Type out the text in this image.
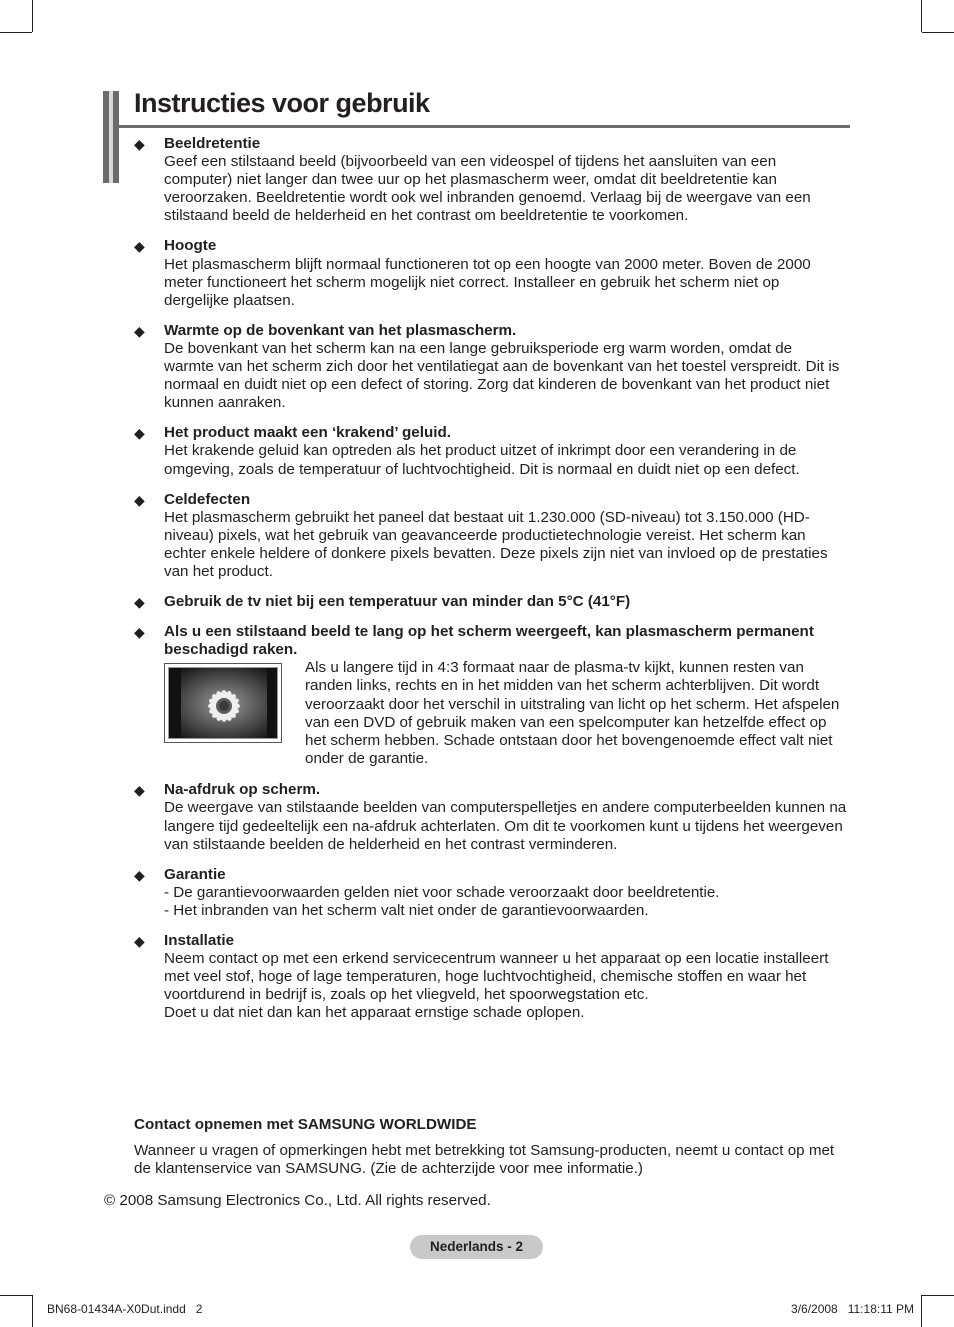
Instructies voor gebruik
◆ Beeldretentie
Geef een stilstaand beeld (bijvoorbeeld van een videospel of tijdens het aansluiten van een
computer) niet langer dan twee uur op het plasmascherm weer, omdat dit beeldretentie kan
veroorzaken. Beeldretentie wordt ook wel inbranden genoemd. Verlaag bij de weergave van een
stilstaand beeld de helderheid en het contrast om beeldretentie te voorkomen.
◆ Hoogte
Het plasmascherm blijft normaal functioneren tot op een hoogte van 2000 meter. Boven de 2000
meter functioneert het scherm mogelijk niet correct. Installeer en gebruik het scherm niet op
dergelijke plaatsen.
◆ Warmte op de bovenkant van het plasmascherm.
De bovenkant van het scherm kan na een lange gebruiksperiode erg warm worden, omdat de
warmte van het scherm zich door het ventilatiegat aan de bovenkant van het toestel verspreidt. Dit is
normaal en duidt niet op een defect of storing. Zorg dat kinderen de bovenkant van het product niet
kunnen aanraken.
◆ Het product maakt een ‘krakend’ geluid.
Het krakende geluid kan optreden als het product uitzet of inkrimpt door een verandering in de
omgeving, zoals de temperatuur of luchtvochtigheid. Dit is normaal en duidt niet op een defect.
◆ Celdefecten
Het plasmascherm gebruikt het paneel dat bestaat uit 1.230.000 (SD-niveau) tot 3.150.000 (HD-
niveau) pixels, wat het gebruik van geavanceerde productietechnologie vereist. Het scherm kan
echter enkele heldere of donkere pixels bevatten. Deze pixels zijn niet van invloed op de prestaties
van het product.
◆ Gebruik de tv niet bij een temperatuur van minder dan 5°C (41°F)
◆ Als u een stilstaand beeld te lang op het scherm weergeeft, kan plasmascherm permanent
beschadigd raken.
Als u langere tijd in 4:3 formaat naar de plasma-tv kijkt, kunnen resten van
randen links, rechts en in het midden van het scherm achterblijven. Dit wordt
veroorzaakt door het verschil in uitstraling van licht op het scherm. Het afspelen
van een DVD of gebruik maken van een spelcomputer kan hetzelfde effect op
het scherm hebben. Schade ontstaan door het bovengenoemde effect valt niet
onder de garantie.
◆ Na-afdruk op scherm.
De weergave van stilstaande beelden van computerspelletjes en andere computerbeelden kunnen na
langere tijd gedeeltelijk een na-afdruk achterlaten. Om dit te voorkomen kunt u tijdens het weergeven
van stilstaande beelden de helderheid en het contrast verminderen.
◆ Garantie
- De garantievoorwaarden gelden niet voor schade veroorzaakt door beeldretentie.
- Het inbranden van het scherm valt niet onder de garantievoorwaarden.
◆ Installatie
Neem contact op met een erkend servicecentrum wanneer u het apparaat op een locatie installeert
met veel stof, hoge of lage temperaturen, hoge luchtvochtigheid, chemische stoffen en waar het
voortdurend in bedrijf is, zoals op het vliegveld, het spoorwegstation etc.
Doet u dat niet dan kan het apparaat ernstige schade oplopen.
Contact opnemen met SAMSUNG WORLDWIDE
Wanneer u vragen of opmerkingen hebt met betrekking tot Samsung-producten, neemt u contact op met
de klantenservice van SAMSUNG. (Zie de achterzijde voor mee informatie.)
© 2008 Samsung Electronics Co., Ltd. All rights reserved.
Nederlands - 2
BN68-01434A-X0Dut.indd   2	3/6/2008   11:18:11 PM
